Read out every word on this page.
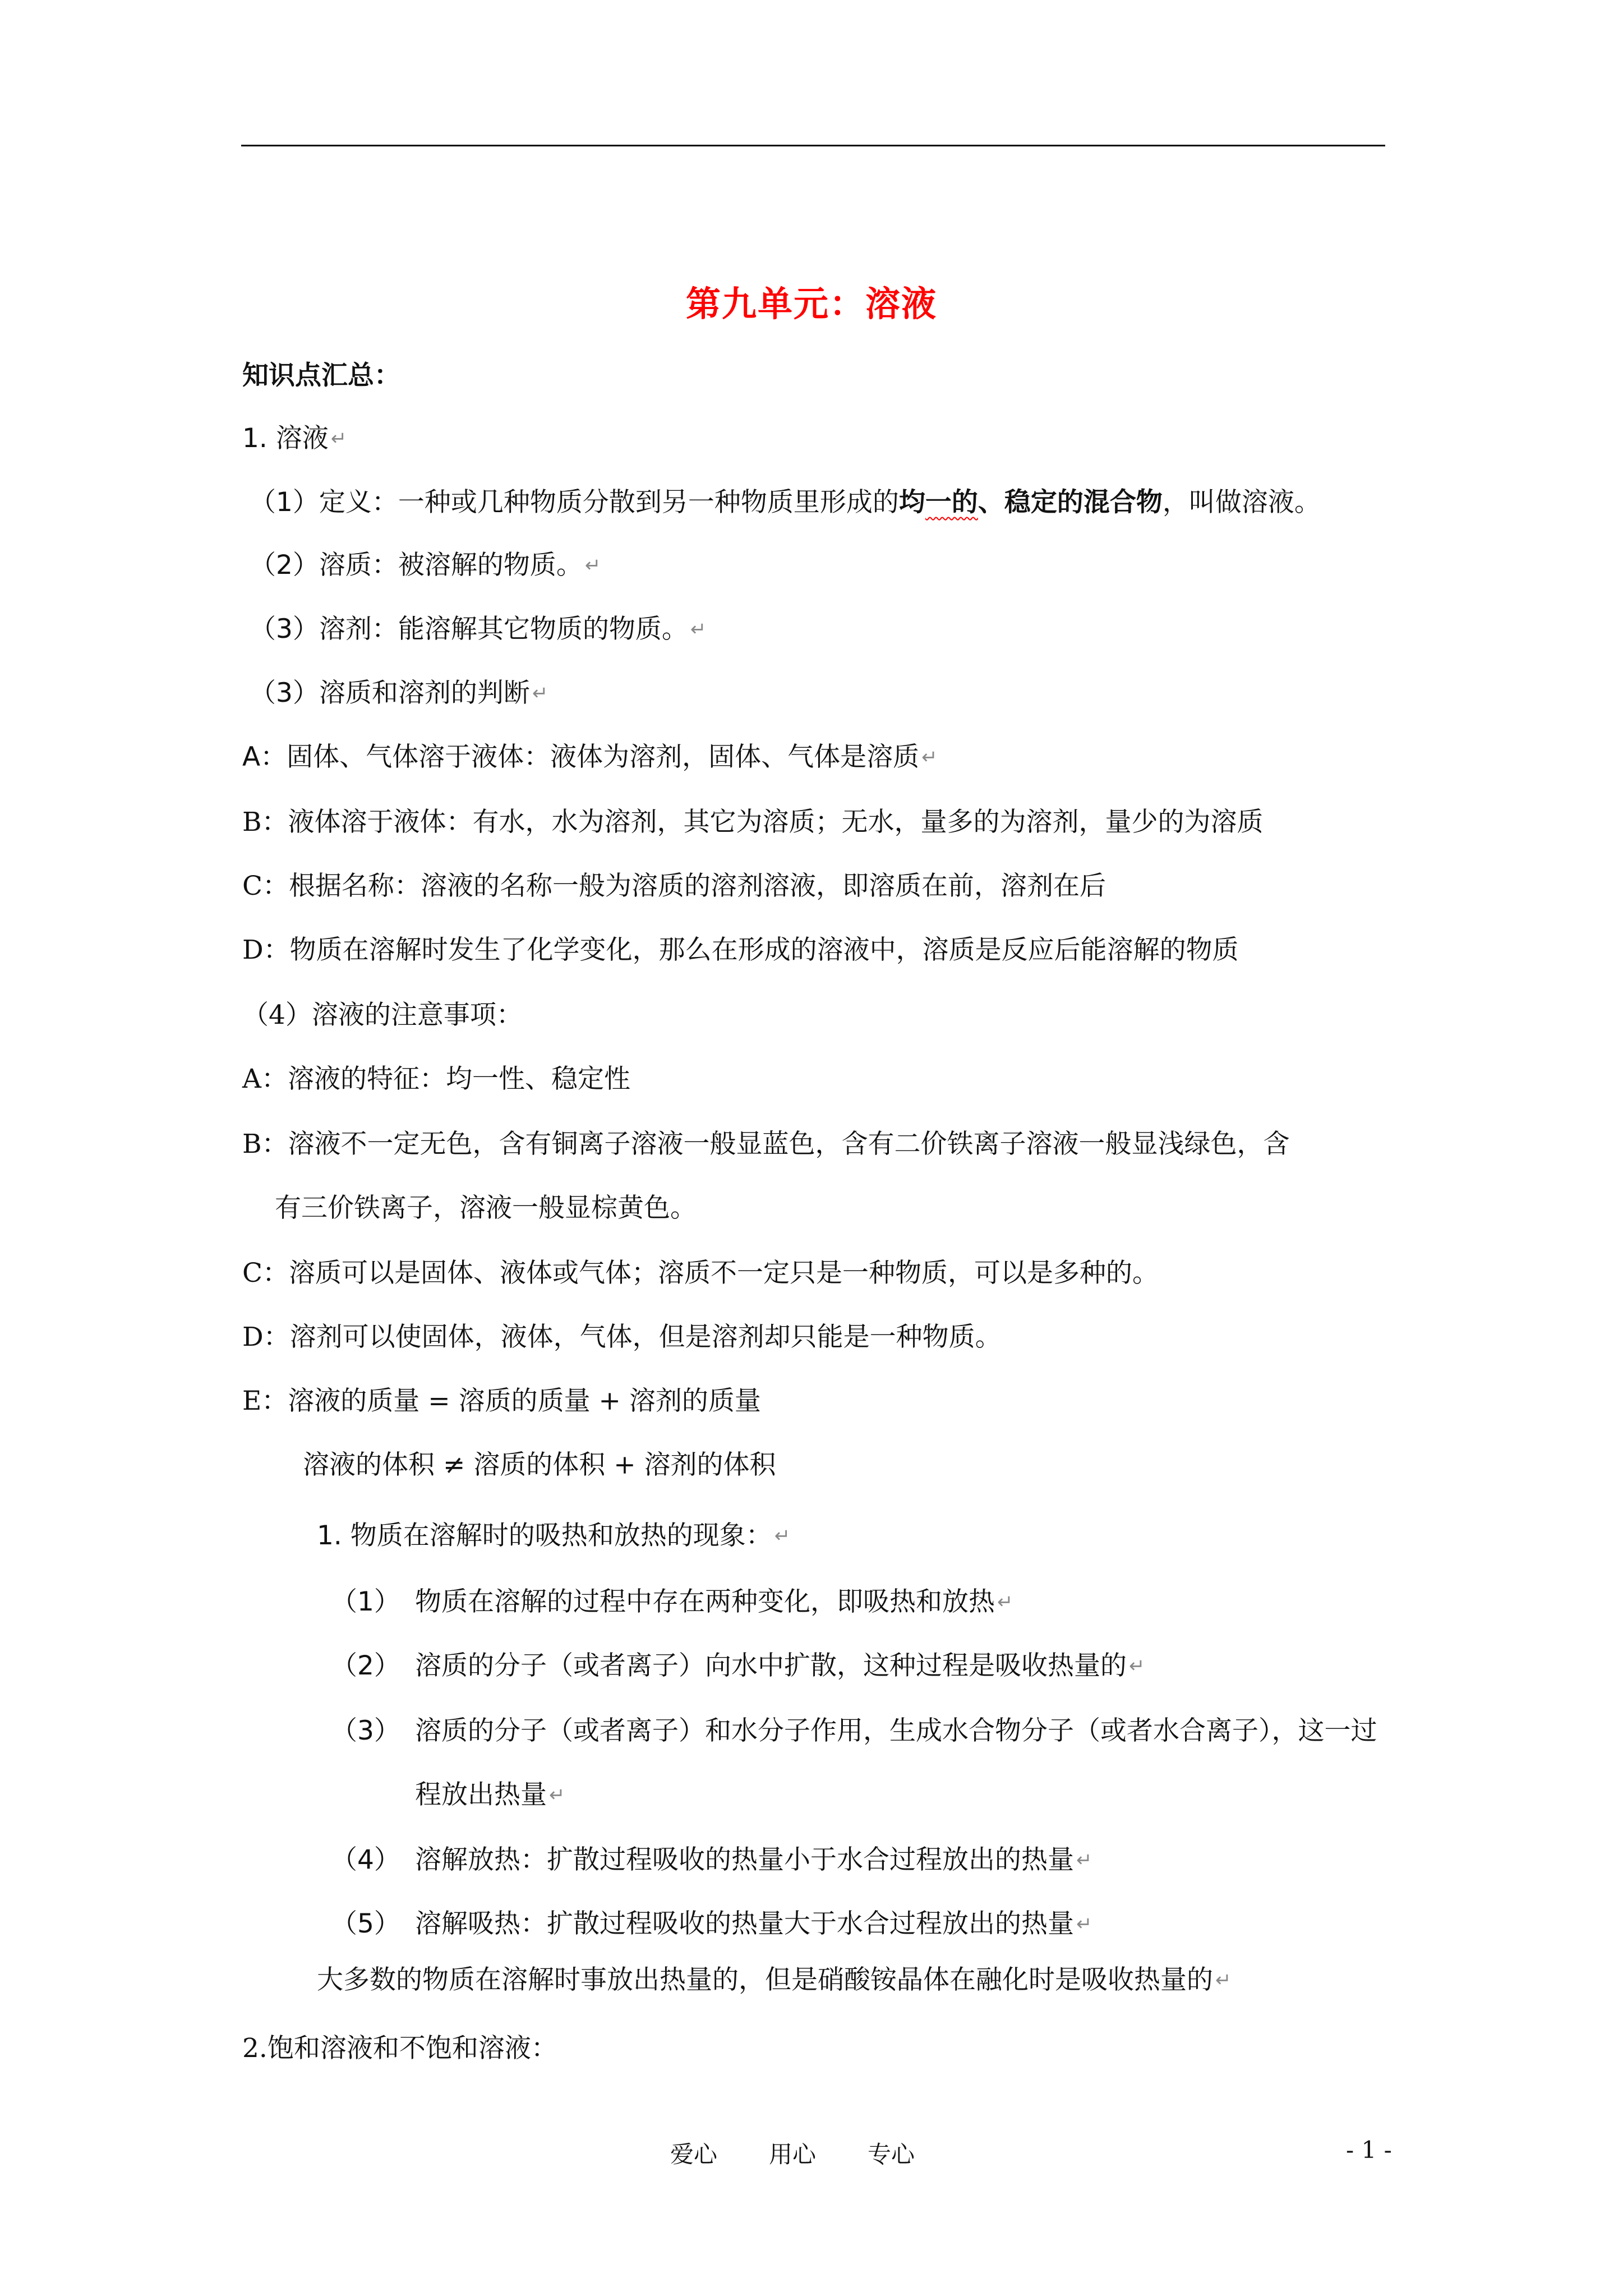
第九单元：溶液
知识点汇总：
1. 溶液 ↵
（1）定义：一种或几种物质分散到另一种物质里形成的均一的、稳定的混合物，叫做溶液。
（2）溶质：被溶解的物质。 ↵
（3）溶剂：能溶解其它物质的物质。 ↵
（3）溶质和溶剂的判断 ↵
A：固体、气体溶于液体：液体为溶剂，固体、气体是溶质 ↵
B：液体溶于液体：有水，水为溶剂，其它为溶质；无水，量多的为溶剂，量少的为溶质
C：根据名称：溶液的名称一般为溶质的溶剂溶液，即溶质在前，溶剂在后
D：物质在溶解时发生了化学变化，那么在形成的溶液中，溶质是反应后能溶解的物质
（4）溶液的注意事项：
A：溶液的特征：均一性、稳定性
B：溶液不一定无色，含有铜离子溶液一般显蓝色，含有二价铁离子溶液一般显浅绿色，含
有三价铁离子，溶液一般显棕黄色。
C：溶质可以是固体、液体或气体；溶质不一定只是一种物质，可以是多种的。
D：溶剂可以使固体，液体，气体，但是溶剂却只能是一种物质。
E：溶液的质量 = 溶质的质量 + 溶剂的质量
溶液的体积 ≠ 溶质的体积 + 溶剂的体积
1. 物质在溶解时的吸热和放热的现象： ↵
（1） 物质在溶解的过程中存在两种变化，即吸热和放热 ↵
（2） 溶质的分子（或者离子）向水中扩散，这种过程是吸收热量的 ↵
（3） 溶质的分子（或者离子）和水分子作用，生成水合物分子（或者水合离子），这一过
程放出热量 ↵
（4） 溶解放热：扩散过程吸收的热量小于水合过程放出的热量 ↵
（5） 溶解吸热：扩散过程吸收的热量大于水合过程放出的热量 ↵
大多数的物质在溶解时事放出热量的，但是硝酸铵晶体在融化时是吸收热量的 ↵
2.饱和溶液和不饱和溶液：
爱心 用心 专心	- 1 -
